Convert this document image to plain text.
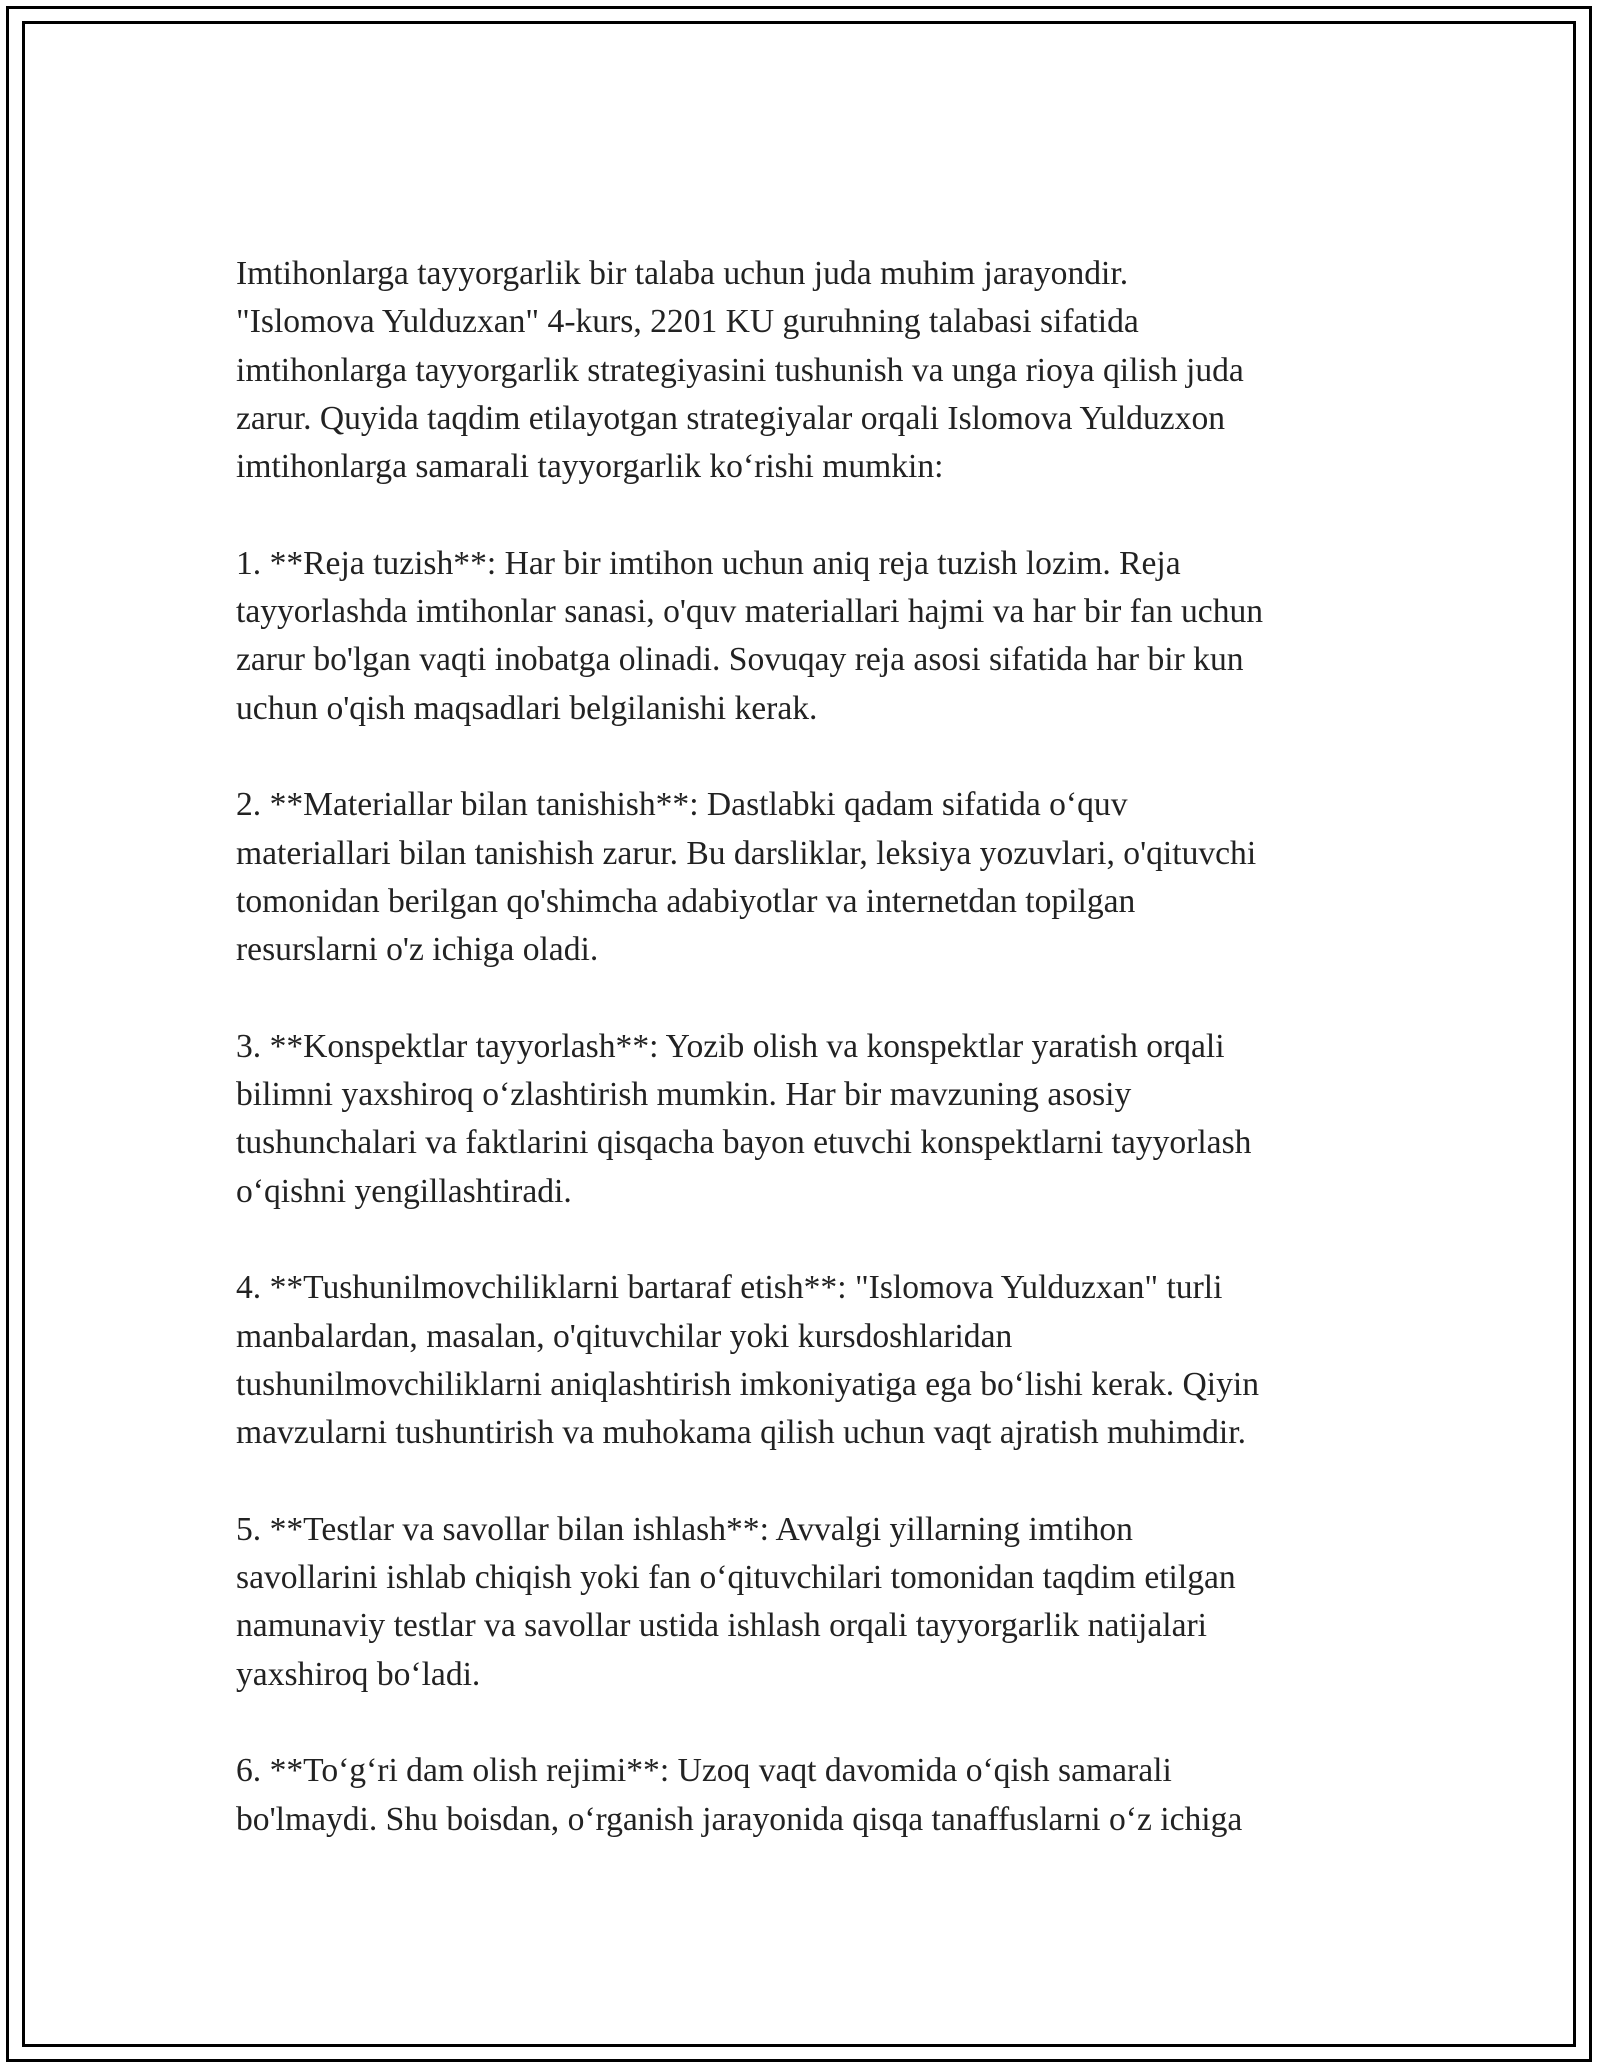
Imtihonlarga tayyorgarlik bir talaba uchun juda muhim jarayondir.
"Islomova Yulduzxan" 4-kurs, 2201 KU guruhning talabasi sifatida
imtihonlarga tayyorgarlik strategiyasini tushunish va unga rioya qilish juda
zarur. Quyida taqdim etilayotgan strategiyalar orqali Islomova Yulduzxon
imtihonlarga samarali tayyorgarlik ko‘rishi mumkin:

1. **Reja tuzish**: Har bir imtihon uchun aniq reja tuzish lozim. Reja
tayyorlashda imtihonlar sanasi, o'quv materiallari hajmi va har bir fan uchun
zarur bo'lgan vaqti inobatga olinadi. Sovuqay reja asosi sifatida har bir kun
uchun o'qish maqsadlari belgilanishi kerak.

2. **Materiallar bilan tanishish**: Dastlabki qadam sifatida o‘quv
materiallari bilan tanishish zarur. Bu darsliklar, leksiya yozuvlari, o'qituvchi
tomonidan berilgan qo'shimcha adabiyotlar va internetdan topilgan
resurslarni o'z ichiga oladi.

3. **Konspektlar tayyorlash**: Yozib olish va konspektlar yaratish orqali
bilimni yaxshiroq o‘zlashtirish mumkin. Har bir mavzuning asosiy
tushunchalari va faktlarini qisqacha bayon etuvchi konspektlarni tayyorlash
o‘qishni yengillashtiradi.

4. **Tushunilmovchiliklarni bartaraf etish**: "Islomova Yulduzxan" turli
manbalardan, masalan, o'qituvchilar yoki kursdoshlaridan
tushunilmovchiliklarni aniqlashtirish imkoniyatiga ega bo‘lishi kerak. Qiyin
mavzularni tushuntirish va muhokama qilish uchun vaqt ajratish muhimdir.

5. **Testlar va savollar bilan ishlash**: Avvalgi yillarning imtihon
savollarini ishlab chiqish yoki fan o‘qituvchilari tomonidan taqdim etilgan
namunaviy testlar va savollar ustida ishlash orqali tayyorgarlik natijalari
yaxshiroq bo‘ladi.

6. **To‘g‘ri dam olish rejimi**: Uzoq vaqt davomida o‘qish samarali
bo'lmaydi. Shu boisdan, o‘rganish jarayonida qisqa tanaffuslarni o‘z ichiga
